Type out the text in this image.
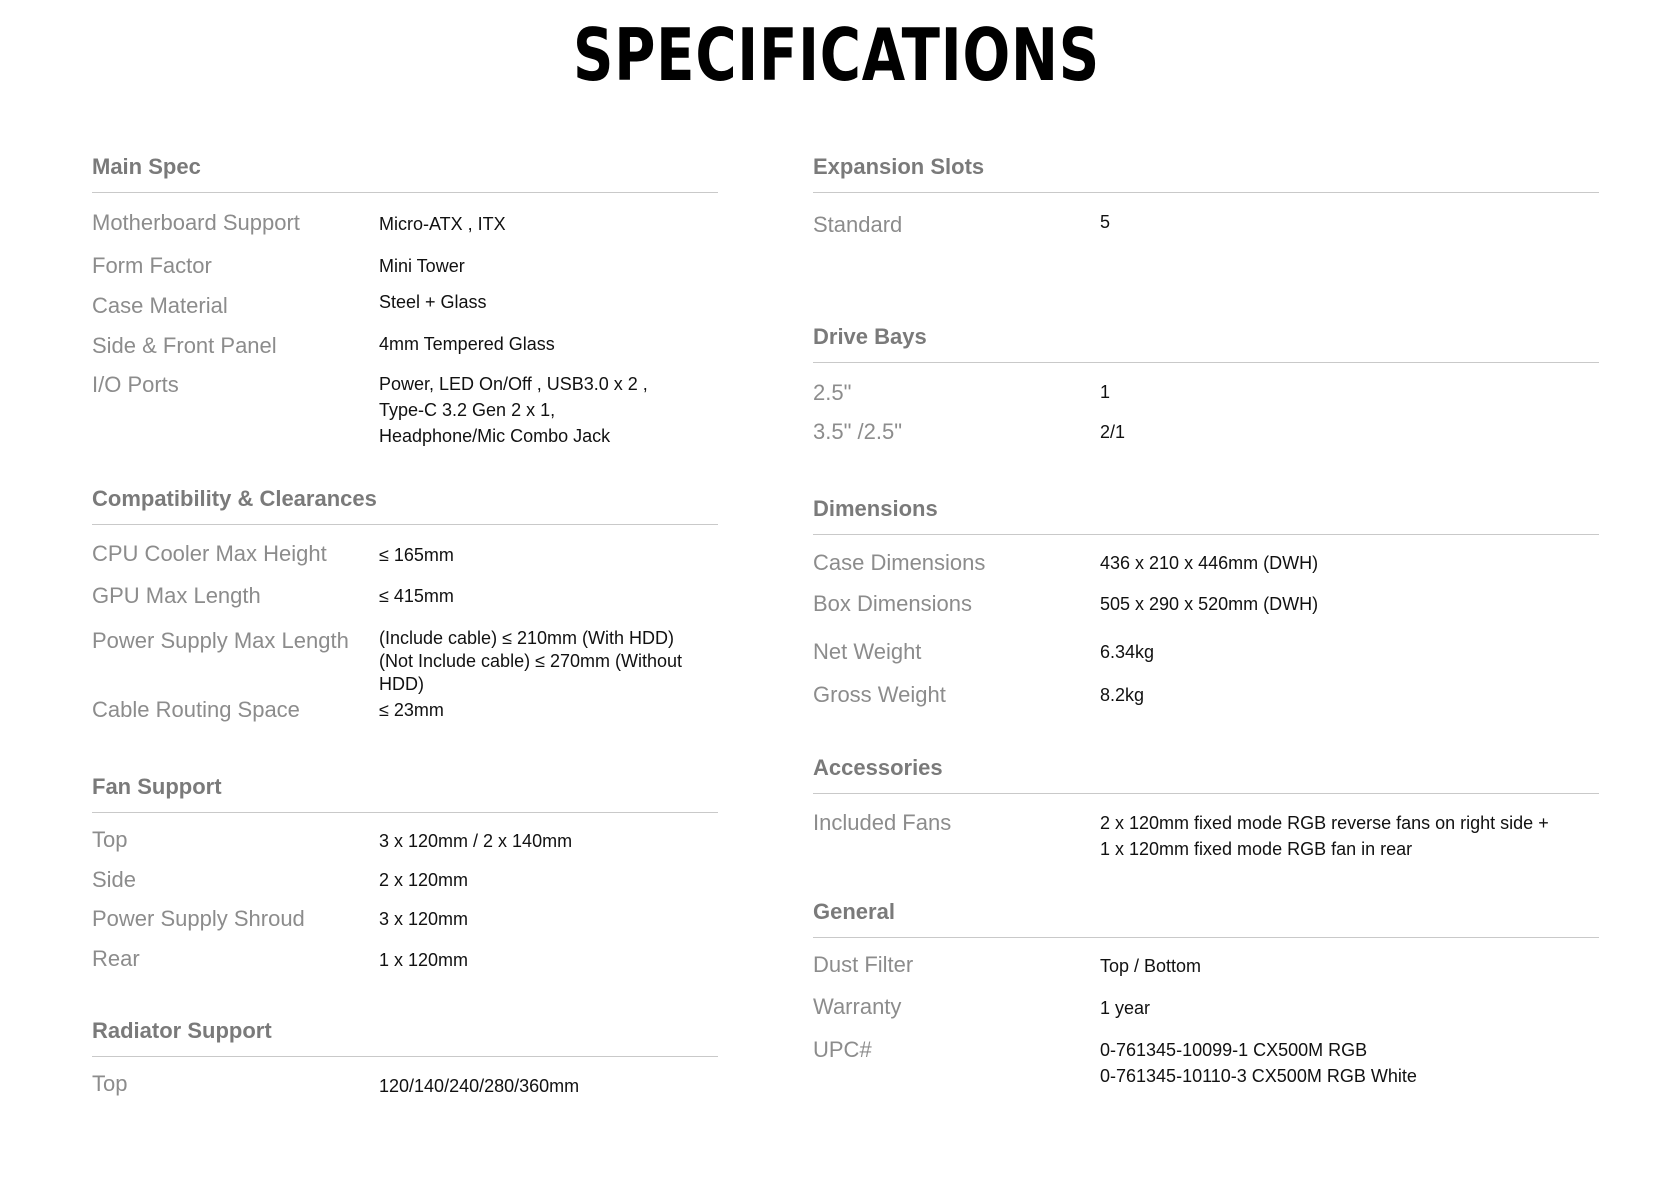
SPECIFICATIONS
Main Spec
Motherboard Support	Micro-ATX , ITX
Form Factor	Mini Tower
Case Material	Steel + Glass
Side & Front Panel	4mm Tempered Glass
I/O Ports	Power, LED On/Off , USB3.0 x 2 ,
Type-C 3.2 Gen 2 x 1,
Headphone/Mic Combo Jack
Compatibility & Clearances
CPU Cooler Max Height	≤ 165mm
GPU Max Length	≤ 415mm
Power Supply Max Length (Include cable) ≤ 210mm (With HDD)
(Not Include cable) ≤ 270mm (Without HDD)
Cable Routing Space	≤ 23mm
Fan Support
Top	3 x 120mm / 2 x 140mm
Side	2 x 120mm
Power Supply Shroud	3 x 120mm
Rear	1 x 120mm
Radiator Support
Top	120/140/240/280/360mm
Expansion Slots
Standard	5
Drive Bays
2.5"	1
3.5" /2.5"	2/1
Dimensions
Case Dimensions	436 x 210 x 446mm (DWH)
Box Dimensions	505 x 290 x 520mm (DWH)
Net Weight	6.34kg
Gross Weight	8.2kg
Accessories
Included Fans	2 x 120mm fixed mode RGB reverse fans on right side +
1 x 120mm fixed mode RGB fan in rear
General
Dust Filter	Top / Bottom
Warranty	1 year
UPC#	0-761345-10099-1 CX500M RGB
0-761345-10110-3 CX500M RGB White
